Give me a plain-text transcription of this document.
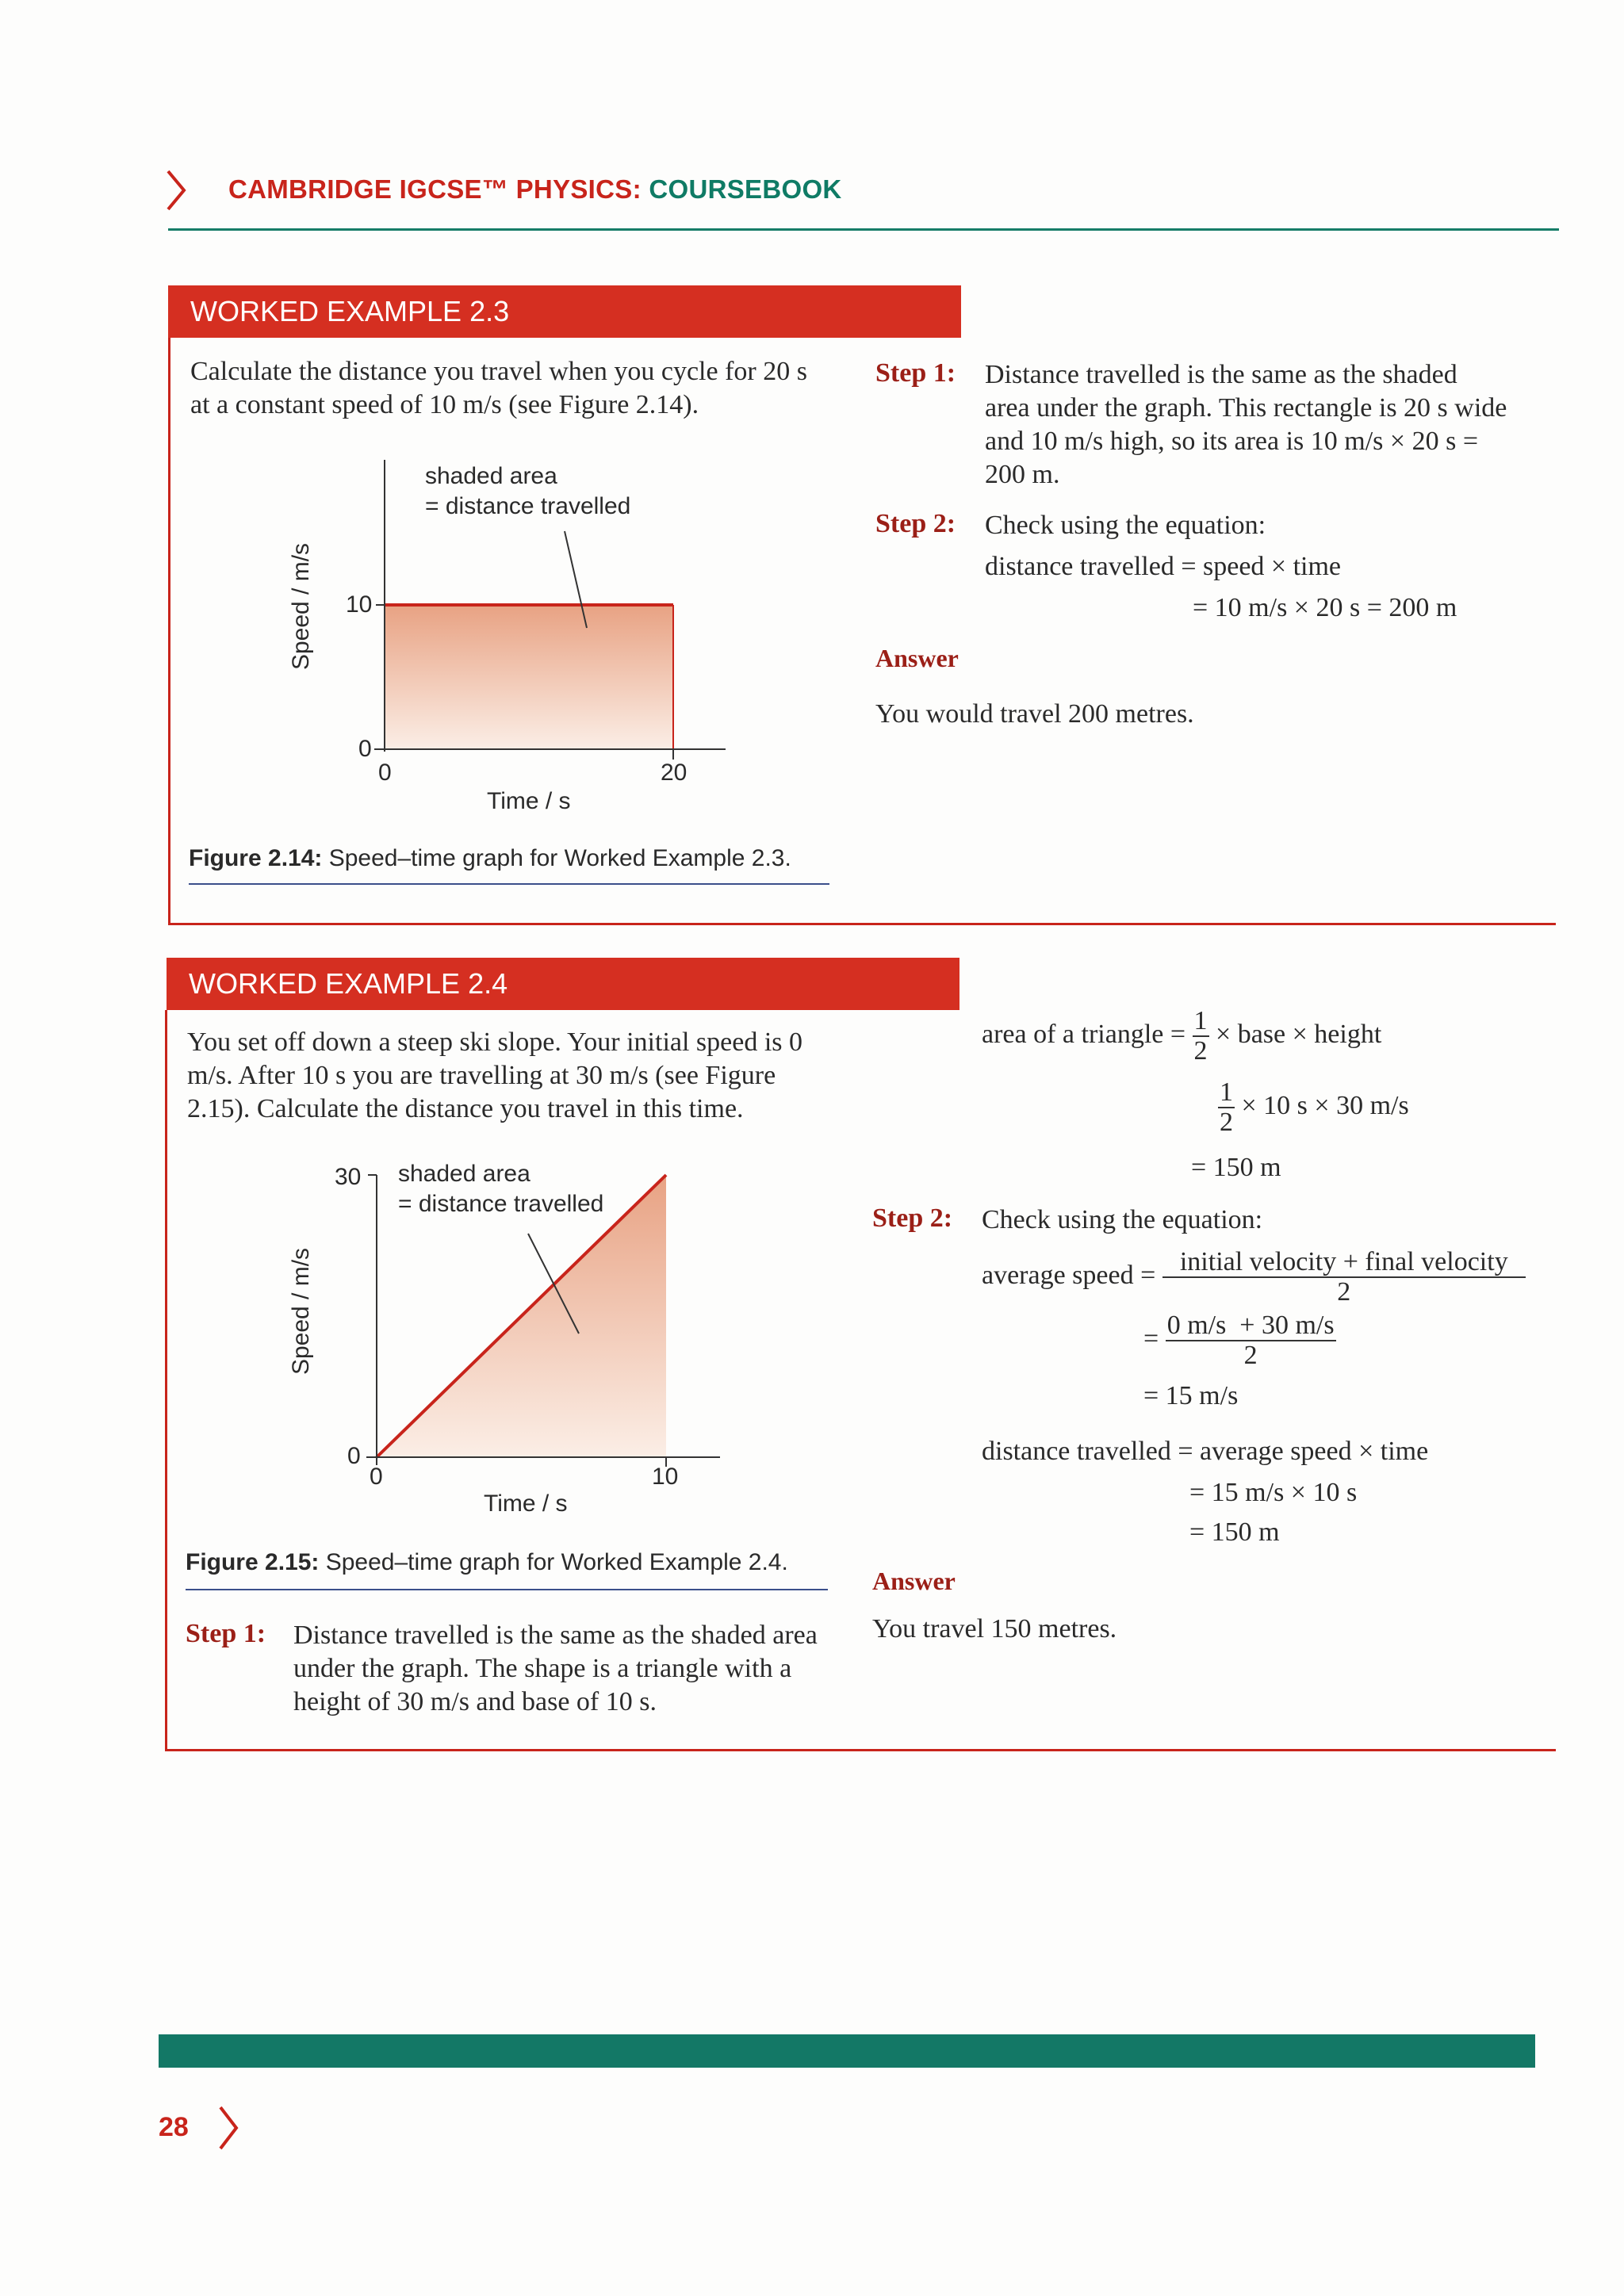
CAMBRIDGE IGCSE™ PHYSICS: COURSEBOOK
WORKED EXAMPLE 2.3
Calculate the distance you travel when you cycle for 20 s at a constant speed of 10 m/s (see Figure 2.14).
shaded area
= distance travelled
Speed / m/s 10
0
0	20
Time / s
Figure 2.14: Speed–time graph for Worked Example 2.3.
Step 1: Distance travelled is the same as the shaded area under the graph. This rectangle is 20 s wide and 10 m/s high, so its area is 10 m/s × 20 s = 200 m.
Step 2: Check using the equation:
distance travelled = speed × time
= 10 m/s × 20 s = 200 m
Answer
You would travel 200 metres.
WORKED EXAMPLE 2.4
You set off down a steep ski slope. Your initial speed is 0 m/s. After 10 s you are travelling at 30 m/s (see Figure 2.15). Calculate the distance you travel in this time.
shaded area
= distance travelled
Speed / m/s
30
0
0	10
Time / s
Figure 2.15: Speed–time graph for Worked Example 2.4.
Step 1: Distance travelled is the same as the shaded area under the graph. The shape is a triangle with a height of 30 m/s and base of 10 s.
area of a triangle = $\frac{1}{2}$ × base × height
$\frac{1}{2} \times 10$ s × 30 m/s
= 150 m
Step 2: Check using the equation:
average speed = $\frac{\text{initial velocity + final velocity}}{2}$
= $\frac{0 m/s + 30 m/s}{2}$
= 15 m/s
distance travelled = average speed × time
= 15 m/s × 10 s
= 150 m
Answer
You travel 150 metres.
28
